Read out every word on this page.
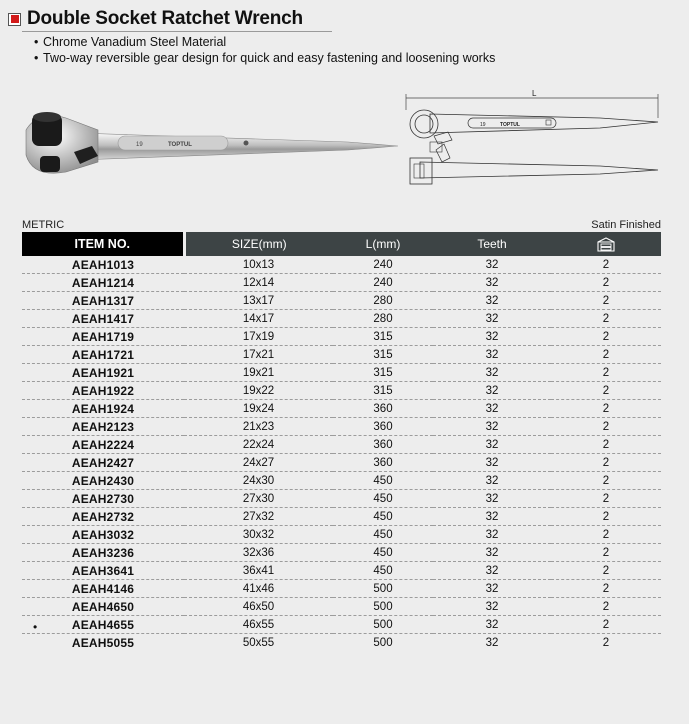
Double Socket Ratchet Wrench
• Chrome Vanadium Steel Material
• Two-way reversible gear design for quick and easy fastening and loosening works
19	TOPTUL
L
19	TOPTUL
METRIC	Satin Finished
ITEM NO.	SIZE(mm)	L(mm)	Teeth	
AEAH1013	10x13	240	32	2
AEAH1214	12x14	240	32	2
AEAH1317	13x17	280	32	2
AEAH1417	14x17	280	32	2
AEAH1719	17x19	315	32	2
AEAH1721	17x21	315	32	2
AEAH1921	19x21	315	32	2
AEAH1922	19x22	315	32	2
AEAH1924	19x24	360	32	2
AEAH2123	21x23	360	32	2
AEAH2224	22x24	360	32	2
AEAH2427	24x27	360	32	2
AEAH2430	24x30	450	32	2
AEAH2730	27x30	450	32	2
AEAH2732	27x32	450	32	2
AEAH3032	30x32	450	32	2
AEAH3236	32x36	450	32	2
AEAH3641	36x41	450	32	2
AEAH4146	41x46	500	32	2
AEAH4650	46x50	500	32	2
AEAH4655	46x55	500	32	2
AEAH5055	50x55	500	32	2
•
